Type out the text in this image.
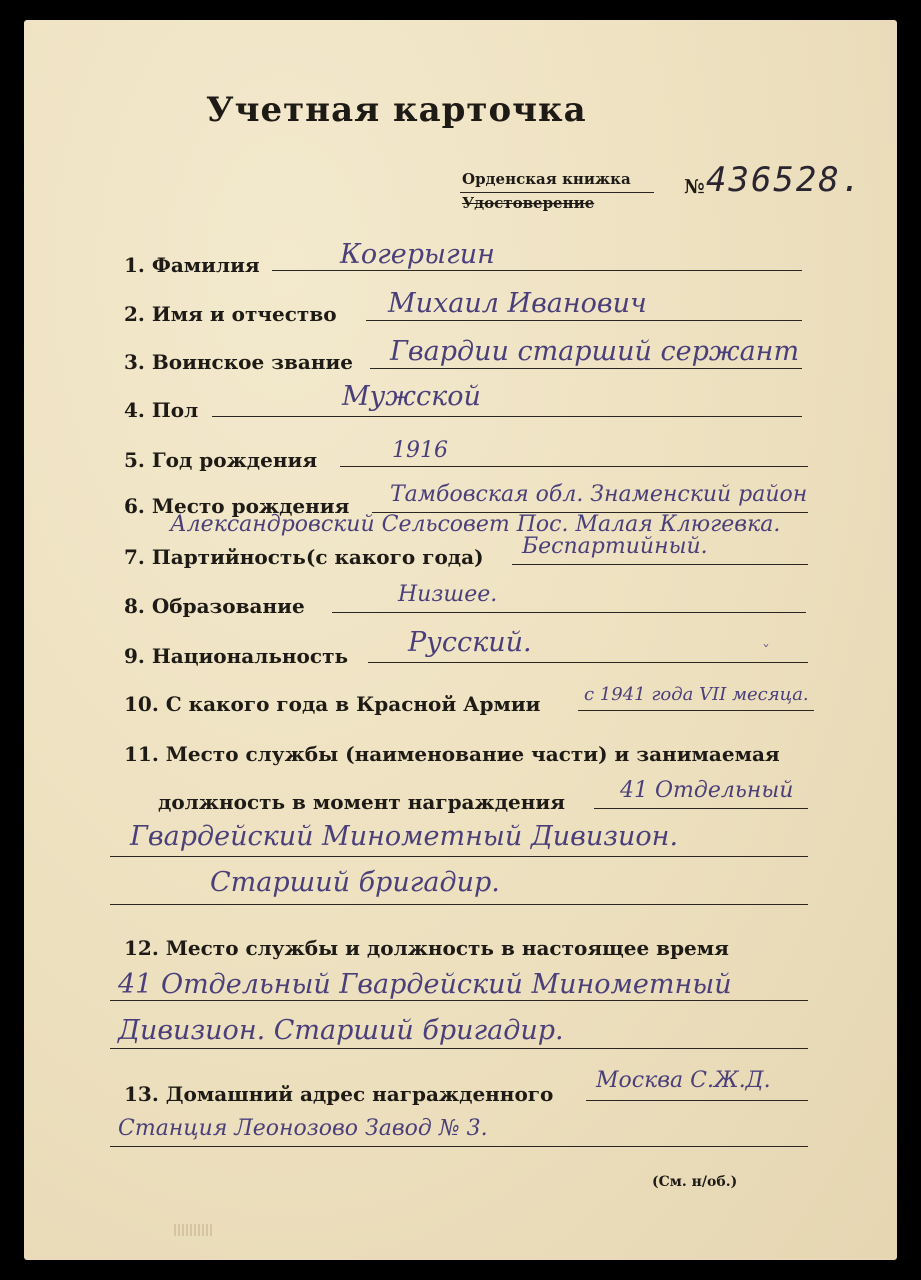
Учетная карточка
Орденская книжка
Удостоверение
№ 436528.
1. Фамилия	Когерыгин
2. Имя и отчество Михаил Иванович
3. Воинское звание Гвардии старший сержант
4. Пол	Мужской
5. Год рождения	1916
6. Место рождения Тамбовская обл. Знаменский район
Александровский Сельсовет Пос. Малая Клюгевка.
7. Партийность(с какого года) Беспартийный.
8. Образование	Низшее.
9. Национальность Русский.	ˇ
10. С какого года в Красной Армии с 1941 года VII месяца.
11. Место службы (наименование части) и занимаемая
должность в момент награждения 41 Отдельный
Гвардейский Минометный Дивизион.
Старший бригадир.
12. Место службы и должность в настоящее время
41 Отдельный Гвардейский Минометный
Дивизион. Старший бригадир.
13. Домашний адрес награжденного
Москва С.Ж.Д.
Станция Леонозово Завод № 3.
(См. н/об.)
